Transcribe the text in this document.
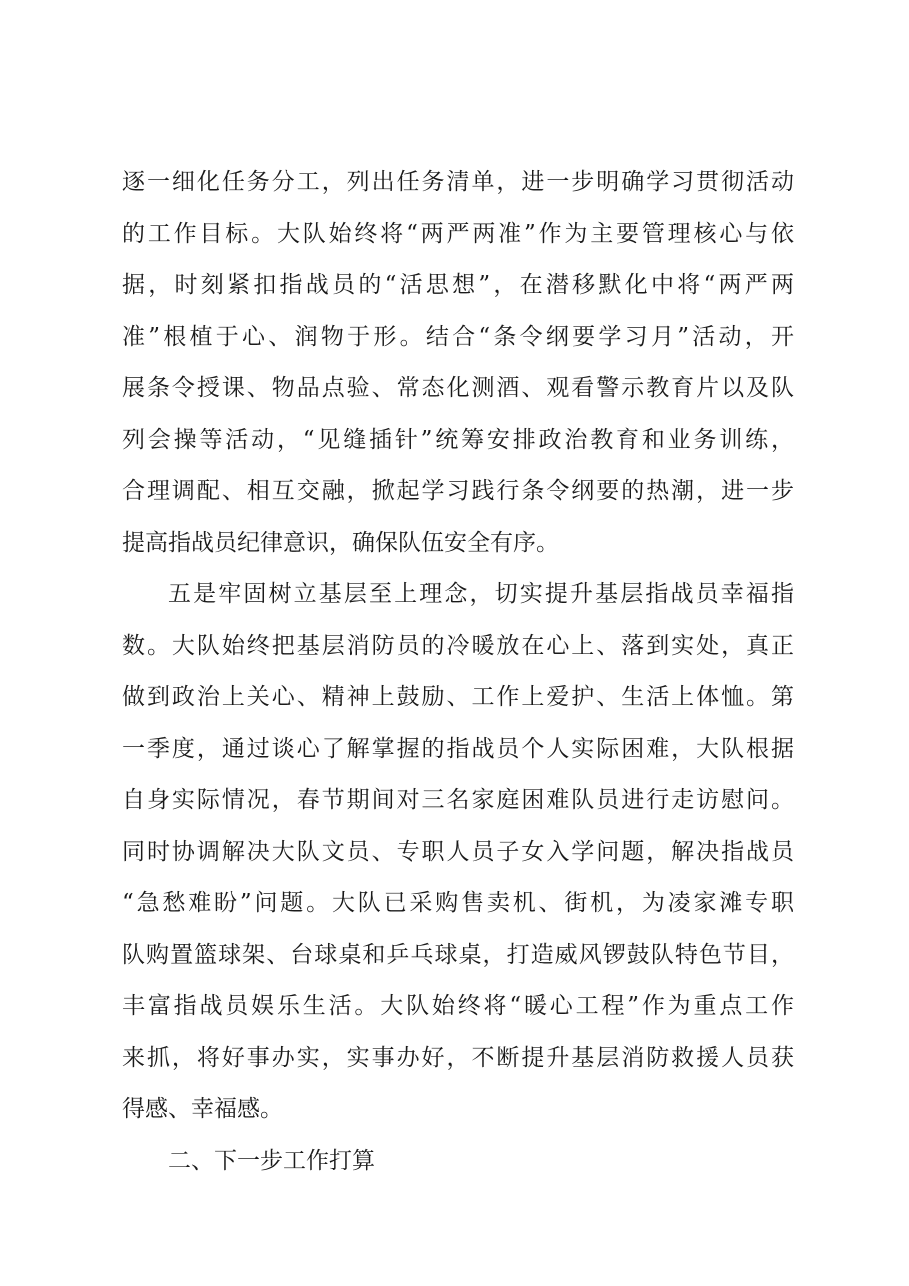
逐一细化任务分工，列出任务清单，进一步明确学习贯彻活动
的工作目标。大队始终将“两严两准”作为主要管理核心与依
据，时刻紧扣指战员的“活思想”，在潜移默化中将“两严两
准”根植于心、润物于形。结合“条令纲要学习月”活动，开
展条令授课、物品点验、常态化测酒、观看警示教育片以及队
列会操等活动，“见缝插针”统筹安排政治教育和业务训练，
合理调配、相互交融，掀起学习践行条令纲要的热潮，进一步
提高指战员纪律意识，确保队伍安全有序。
五是牢固树立基层至上理念，切实提升基层指战员幸福指
数。大队始终把基层消防员的冷暖放在心上、落到实处，真正
做到政治上关心、精神上鼓励、工作上爱护、生活上体恤。第
一季度，通过谈心了解掌握的指战员个人实际困难，大队根据
自身实际情况，春节期间对三名家庭困难队员进行走访慰问。
同时协调解决大队文员、专职人员子女入学问题，解决指战员
“急愁难盼”问题。大队已采购售卖机、街机，为凌家滩专职
队购置篮球架、台球桌和乒乓球桌，打造威风锣鼓队特色节目，
丰富指战员娱乐生活。大队始终将“暖心工程”作为重点工作
来抓，将好事办实，实事办好，不断提升基层消防救援人员获
得感、幸福感。
二、下一步工作打算
